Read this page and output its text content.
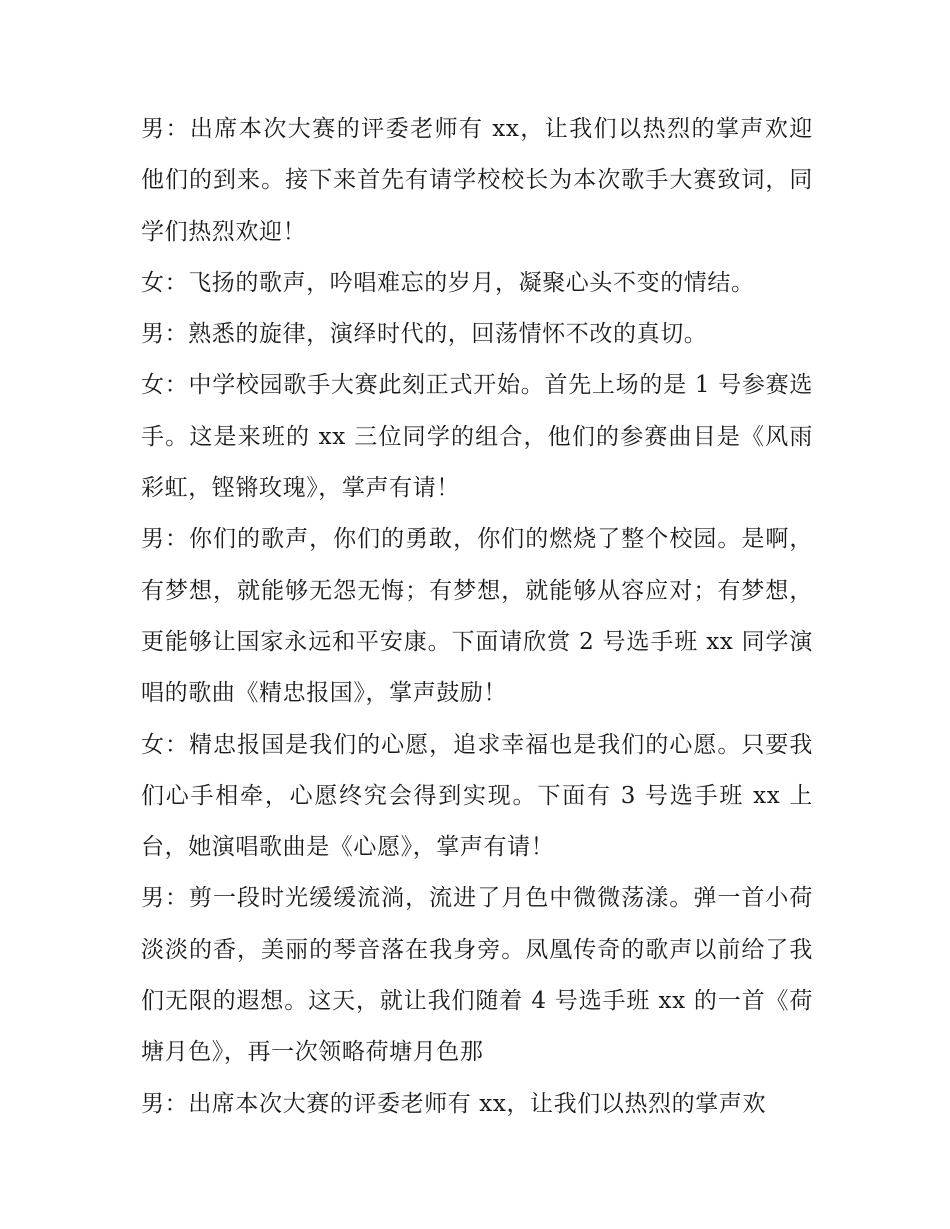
男：出席本次大赛的评委老师有 xx，让我们以热烈的掌声欢迎他们的到来。接下来首先有请学校校长为本次歌手大赛致词，同学们热烈欢迎！

女：飞扬的歌声，吟唱难忘的岁月，凝聚心头不变的情结。

男：熟悉的旋律，演绎时代的，回荡情怀不改的真切。

女：中学校园歌手大赛此刻正式开始。首先上场的是 1 号参赛选手。这是来班的 xx 三位同学的组合，他们的参赛曲目是《风雨彩虹，铿锵玫瑰》，掌声有请！

男：你们的歌声，你们的勇敢，你们的燃烧了整个校园。是啊，有梦想，就能够无怨无悔；有梦想，就能够从容应对；有梦想，更能够让国家永远和平安康。下面请欣赏 2 号选手班 xx 同学演唱的歌曲《精忠报国》，掌声鼓励！

女：精忠报国是我们的心愿，追求幸福也是我们的心愿。只要我们心手相牵，心愿终究会得到实现。下面有 3 号选手班 xx 上台，她演唱歌曲是《心愿》，掌声有请！

男：剪一段时光缓缓流淌，流进了月色中微微荡漾。弹一首小荷淡淡的香，美丽的琴音落在我身旁。凤凰传奇的歌声以前给了我们无限的遐想。这天，就让我们随着 4 号选手班 xx 的一首《荷塘月色》，再一次领略荷塘月色那

男：出席本次大赛的评委老师有 xx，让我们以热烈的掌声欢
